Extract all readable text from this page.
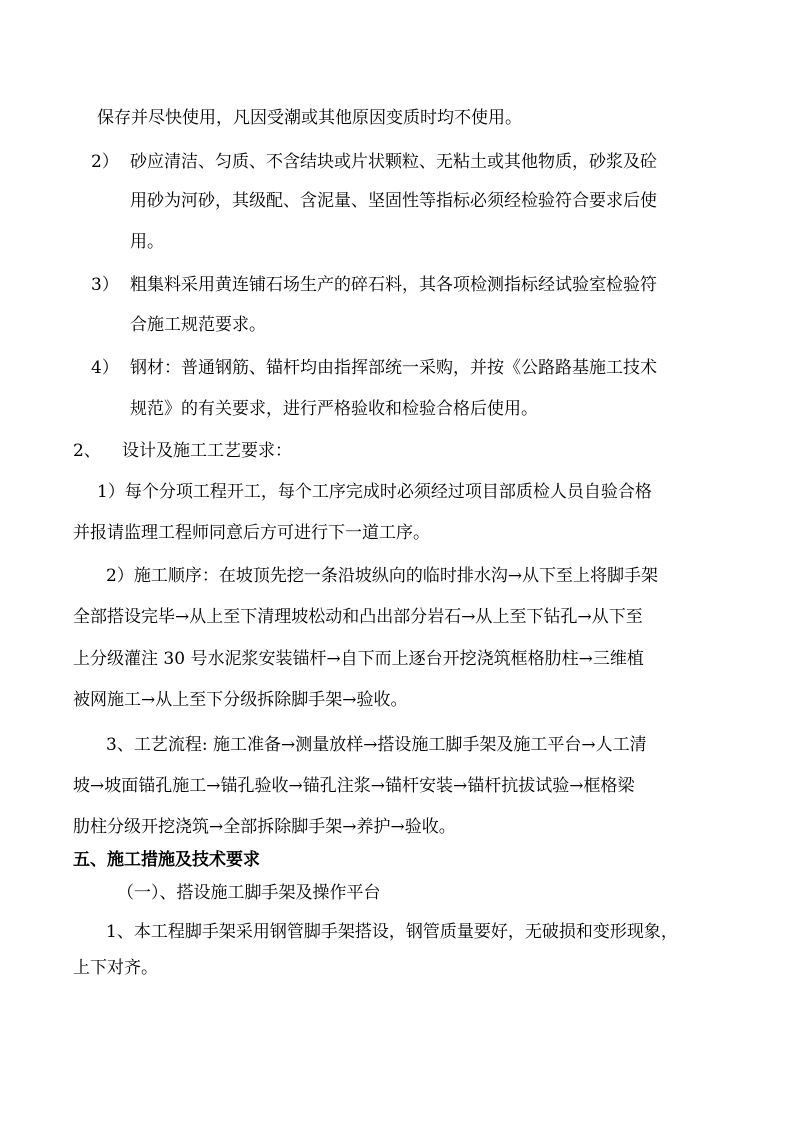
保存并尽快使用，凡因受潮或其他原因变质时均不使用。
2） 砂应清洁、匀质、不含结块或片状颗粒、无粘土或其他物质，砂浆及砼
用砂为河砂，其级配、含泥量、坚固性等指标必须经检验符合要求后使
用。
3） 粗集料采用黄连铺石场生产的碎石料，其各项检测指标经试验室检验符
合施工规范要求。
4） 钢材：普通钢筋、锚杆均由指挥部统一采购，并按《公路路基施工技术
规范》的有关要求，进行严格验收和检验合格后使用。
2、 设计及施工工艺要求：
1）每个分项工程开工，每个工序完成时必须经过项目部质检人员自验合格
并报请监理工程师同意后方可进行下一道工序。
2）施工顺序：在坡顶先挖一条沿坡纵向的临时排水沟→从下至上将脚手架
全部搭设完毕→从上至下清理坡松动和凸出部分岩石→从上至下钻孔→从下至
上分级灌注 30 号水泥浆安装锚杆→自下而上逐台开挖浇筑框格肋柱→三维植
被网施工→从上至下分级拆除脚手架→验收。
3、工艺流程: 施工准备→测量放样→搭设施工脚手架及施工平台→人工清
坡→坡面锚孔施工→锚孔验收→锚孔注浆→锚杆安装→锚杆抗拔试验→框格梁
肋柱分级开挖浇筑→全部拆除脚手架→养护→验收。
五、施工措施及技术要求
（一）、搭设施工脚手架及操作平台
1、本工程脚手架采用钢管脚手架搭设，钢管质量要好，无破损和变形现象，
上下对齐。
